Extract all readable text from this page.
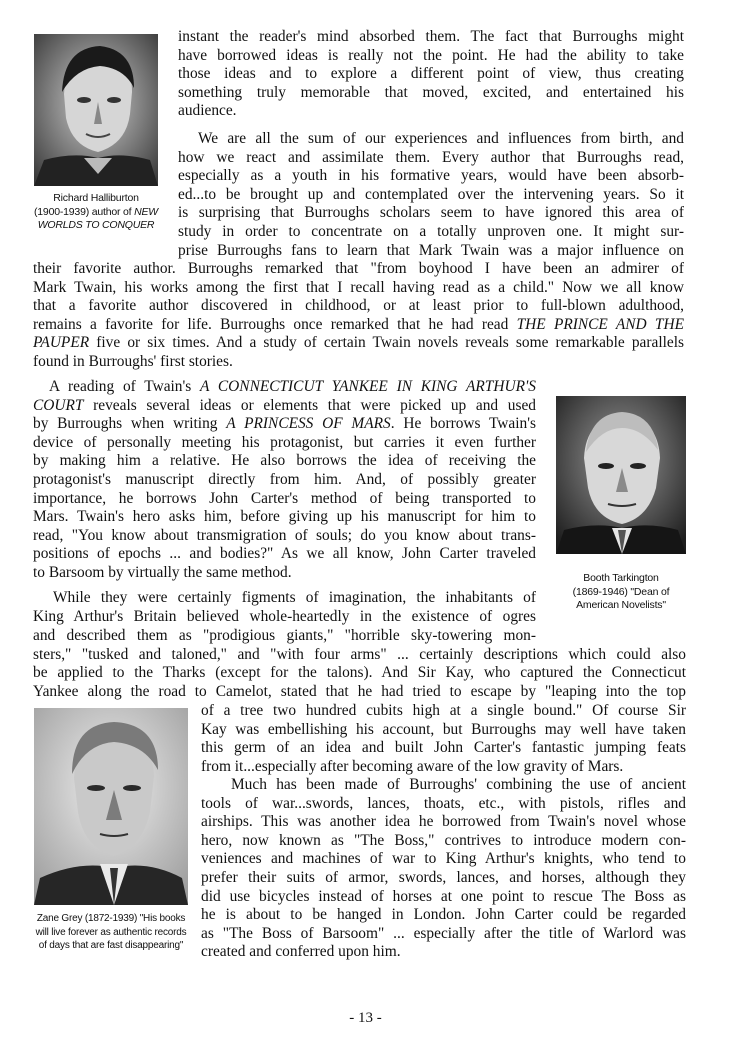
Richard Halliburton
(1900-1939) author of NEW
WORLDS TO CONQUER
instant the reader's mind absorbed them. The fact that Burroughs might
have borrowed ideas is really not the point. He had the ability to take
those ideas and to explore a different point of view, thus creating
something truly memorable that moved, excited, and entertained his
audience.
We are all the sum of our experiences and influences from birth, and
how we react and assimilate them. Every author that Burroughs read,
especially as a youth in his formative years, would have been absorb-
ed...to be brought up and contemplated over the intervening years. So it
is surprising that Burroughs scholars seem to have ignored this area of
study in order to concentrate on a totally unproven one. It might sur-
prise Burroughs fans to learn that Mark Twain was a major influence on
their favorite author. Burroughs remarked that "from boyhood I have been an admirer of
Mark Twain, his works among the first that I recall having read as a child." Now we all know
that a favorite author discovered in childhood, or at least prior to full-blown adulthood,
remains a favorite for life. Burroughs once remarked that he had read THE PRINCE AND THE
PAUPER five or six times. And a study of certain Twain novels reveals some remarkable parallels
found in Burroughs' first stories.
A reading of Twain's A CONNECTICUT YANKEE IN KING ARTHUR'S
COURT reveals several ideas or elements that were picked up and used
by Burroughs when writing A PRINCESS OF MARS. He borrows Twain's
device of personally meeting his protagonist, but carries it even further
by making him a relative. He also borrows the idea of receiving the
protagonist's manuscript directly from him. And, of possibly greater
importance, he borrows John Carter's method of being transported to
Mars. Twain's hero asks him, before giving up his manuscript for him to
read, "You know about transmigration of souls; do you know about trans-
positions of epochs ... and bodies?" As we all know, John Carter traveled
to Barsoom by virtually the same method.	Booth Tarkington
(1869-1946) "Dean of
American Novelists"
While they were certainly figments of imagination, the inhabitants of
King Arthur's Britain believed whole-heartedly in the existence of ogres
and described them as "prodigious giants," "horrible sky-towering mon-
sters," "tusked and taloned," and "with four arms" ... certainly descriptions which could also
be applied to the Tharks (except for the talons). And Sir Kay, who captured the Connecticut
Yankee along the road to Camelot, stated that he had tried to escape by "leaping into the top
Zane Grey (1872-1939) "His books
will live forever as authentic records
of days that are fast disappearing"
of a tree two hundred cubits high at a single bound." Of course Sir
Kay was embellishing his account, but Burroughs may well have taken
this germ of an idea and built John Carter's fantastic jumping feats
from it...especially after becoming aware of the low gravity of Mars.
Much has been made of Burroughs' combining the use of ancient
tools of war...swords, lances, thoats, etc., with pistols, rifles and
airships. This was another idea he borrowed from Twain's novel whose
hero, now known as "The Boss," contrives to introduce modern con-
veniences and machines of war to King Arthur's knights, who tend to
prefer their suits of armor, swords, lances, and horses, although they
did use bicycles instead of horses at one point to rescue The Boss as
he is about to be hanged in London. John Carter could be regarded
as "The Boss of Barsoom" ... especially after the title of Warlord was
created and conferred upon him.
- 13 -
